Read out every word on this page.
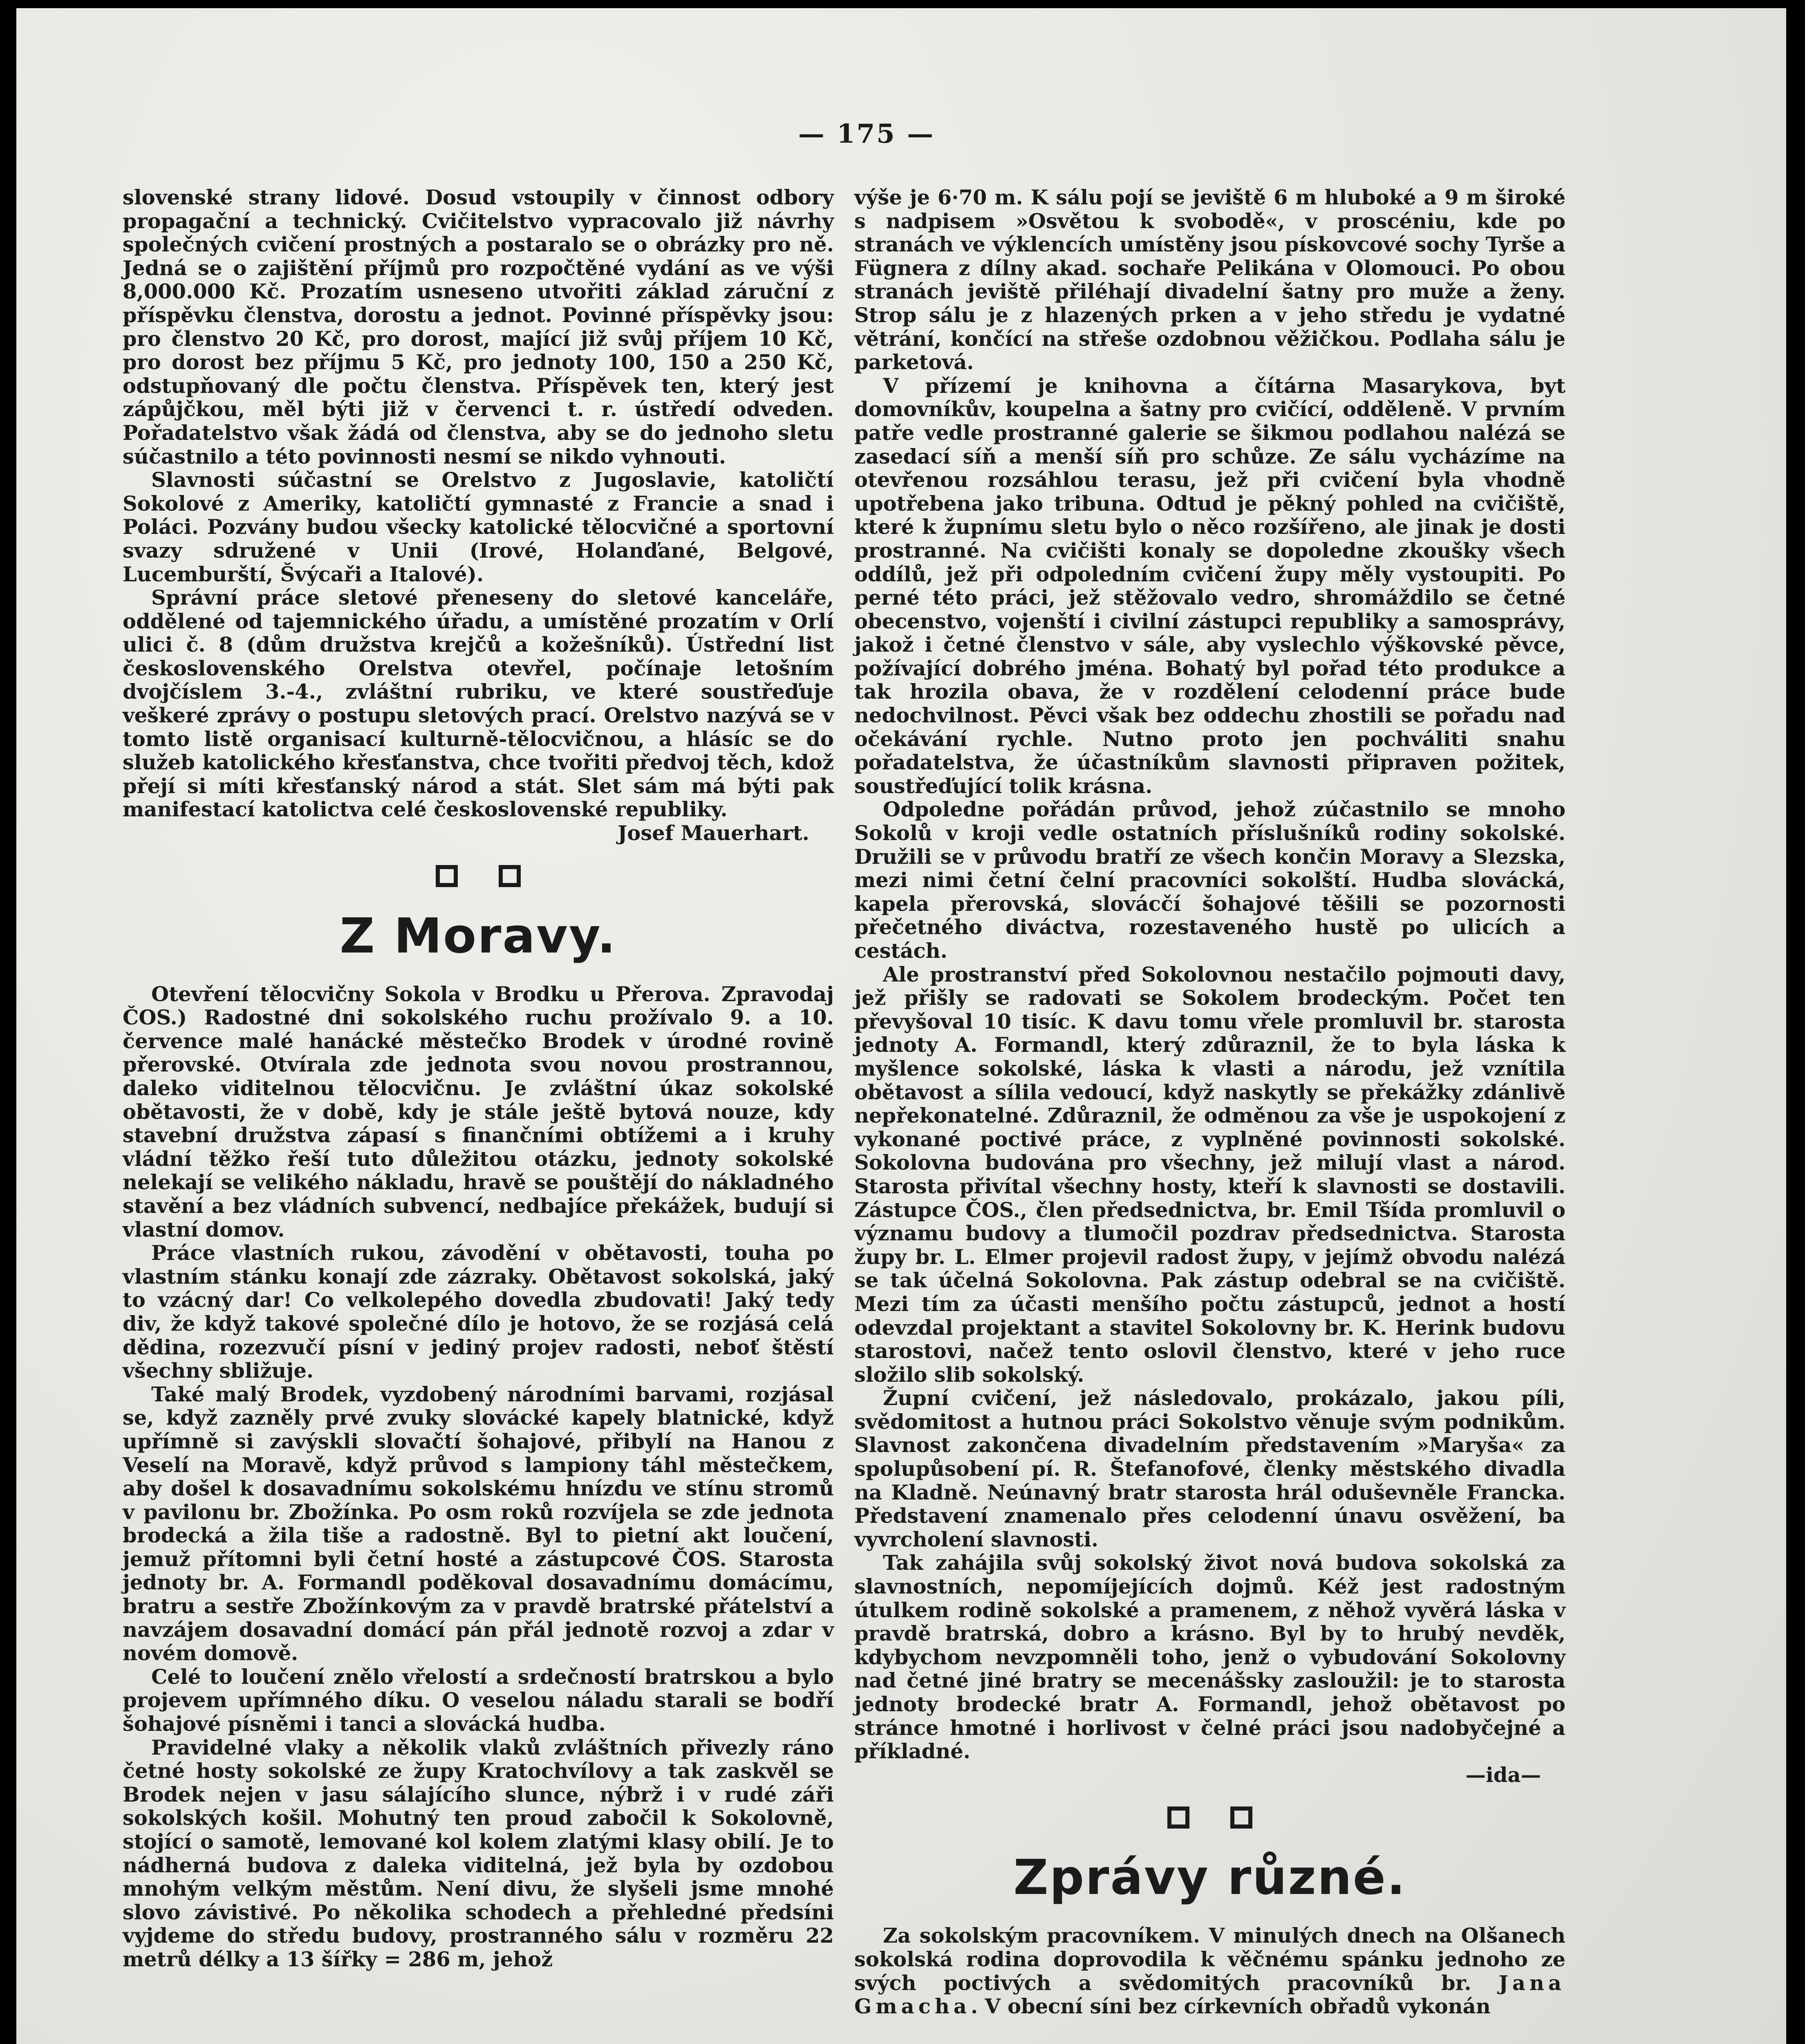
— 175 —

slovenské strany lidové. Dosud vstoupily v činnost odbory propagační a technický. Cvičitelstvo vypracovalo již návrhy společných cvičení prostných a postaralo se o obrázky pro ně. Jedná se o zajištění příjmů pro rozpočtěné vydání as ve výši 8,000.000 Kč. Prozatím usneseno utvořiti základ záruční z příspěvku členstva, dorostu a jednot. Povinné příspěvky jsou: pro členstvo 20 Kč, pro dorost, mající již svůj příjem 10 Kč, pro dorost bez příjmu 5 Kč, pro jednoty 100, 150 a 250 Kč, odstupňovaný dle počtu členstva. Příspěvek ten, který jest zápůjčkou, měl býti již v červenci t. r. ústředí odveden. Pořadatelstvo však žádá od členstva, aby se do jednoho sletu súčastnilo a této povinnosti nesmí se nikdo vyhnouti.

Slavnosti súčastní se Orelstvo z Jugoslavie, katoličtí Sokolové z Ameriky, katoličtí gymnasté z Francie a snad i Poláci. Pozvány budou všecky katolické tělocvičné a sportovní svazy sdružené v Unii (Irové, Holanďané, Belgové, Lucemburští, Švýcaři a Italové).

Správní práce sletové přeneseny do sletové kanceláře, oddělené od tajemnického úřadu, a umístěné prozatím v Orlí ulici č. 8 (dům družstva krejčů a kožešníků). Ústřední list československého Orelstva otevřel, počínaje letošním dvojčíslem 3.-4., zvláštní rubriku, ve které soustřeďuje veškeré zprávy o postupu sletových prací. Orelstvo nazývá se v tomto listě organisací kulturně-tělocvičnou, a hlásíc se do služeb katolického křesťanstva, chce tvořiti předvoj těch, kdož přejí si míti křesťanský národ a stát. Slet sám má býti pak manifestací katolictva celé československé republiky.

Josef Mauerhart.

Z Moravy.

Otevření tělocvičny Sokola v Brodku u Přerova. Zpravodaj ČOS.) Radostné dni sokolského ruchu prožívalo 9. a 10. července malé hanácké městečko Brodek v úrodné rovině přerovské. Otvírala zde jednota svou novou prostrannou, daleko viditelnou tělocvičnu. Je zvláštní úkaz sokolské obětavosti, že v době, kdy je stále ještě bytová nouze, kdy stavební družstva zápasí s finančními obtížemi a i kruhy vládní těžko řeší tuto důležitou otázku, jednoty sokolské nelekají se velikého nákladu, hravě se pouštějí do nákladného stavění a bez vládních subvencí, nedbajíce překážek, budují si vlastní domov.

Práce vlastních rukou, závodění v obětavosti, touha po vlastním stánku konají zde zázraky. Obětavost sokolská, jaký to vzácný dar! Co velkolepého dovedla zbudovati! Jaký tedy div, že když takové společné dílo je hotovo, že se rozjásá celá dědina, rozezvučí písní v jediný projev radosti, neboť štěstí všechny sbližuje.

Také malý Brodek, vyzdobený národními barvami, rozjásal se, když zazněly prvé zvuky slovácké kapely blatnické, když upřímně si zavýskli slovačtí šohajové, přibylí na Hanou z Veselí na Moravě, když průvod s lampiony táhl městečkem, aby došel k dosavadnímu sokolskému hnízdu ve stínu stromů v pavilonu br. Zbožínka. Po osm roků rozvíjela se zde jednota brodecká a žila tiše a radostně. Byl to pietní akt loučení, jemuž přítomni byli četní hosté a zástupcové ČOS. Starosta jednoty br. A. Formandl poděkoval dosavadnímu domácímu, bratru a sestře Zbožínkovým za v pravdě bratrské přátelství a navzájem dosavadní domácí pán přál jednotě rozvoj a zdar v novém domově.

Celé to loučení znělo vřelostí a srdečností bratrskou a bylo projevem upřímného díku. O veselou náladu starali se bodří šohajové písněmi i tanci a slovácká hudba.

Pravidelné vlaky a několik vlaků zvláštních přivezly ráno četné hosty sokolské ze župy Kratochvílovy a tak zaskvěl se Brodek nejen v jasu sálajícího slunce, nýbrž i v rudé záři sokolských košil. Mohutný ten proud zabočil k Sokolovně, stojící o samotě, lemované kol kolem zlatými klasy obilí. Je to nádherná budova z daleka viditelná, jež byla by ozdobou mnohým velkým městům. Není divu, že slyšeli jsme mnohé slovo závistivé. Po několika schodech a přehledné předsíni vyjdeme do středu budovy, prostranného sálu v rozměru 22 metrů délky a 13 šířky = 286 m, jehož

výše je 6·70 m. K sálu pojí se jeviště 6 m hluboké a 9 m široké s nadpisem »Osvětou k svobodě«, v proscéniu, kde po stranách ve výklencích umístěny jsou pískovcové sochy Tyrše a Fügnera z dílny akad. sochaře Pelikána v Olomouci. Po obou stranách jeviště přiléhají divadelní šatny pro muže a ženy. Strop sálu je z hlazených prken a v jeho středu je vydatné větrání, končící na střeše ozdobnou věžičkou. Podlaha sálu je parketová.

V přízemí je knihovna a čítárna Masarykova, byt domovníkův, koupelna a šatny pro cvičící, odděleně. V prvním patře vedle prostranné galerie se šikmou podlahou nalézá se zasedací síň a menší síň pro schůze. Ze sálu vycházíme na otevřenou rozsáhlou terasu, jež při cvičení byla vhodně upotřebena jako tribuna. Odtud je pěkný pohled na cvičiště, které k župnímu sletu bylo o něco rozšířeno, ale jinak je dosti prostranné. Na cvičišti konaly se dopoledne zkoušky všech oddílů, jež při odpoledním cvičení župy měly vystoupiti. Po perné této práci, jež stěžovalo vedro, shromáždilo se četné obecenstvo, vojenští i civilní zástupci republiky a samosprávy, jakož i četné členstvo v sále, aby vyslechlo výškovské pěvce, požívající dobrého jména. Bohatý byl pořad této produkce a tak hrozila obava, že v rozdělení celodenní práce bude nedochvilnost. Pěvci však bez oddechu zhostili se pořadu nad očekávání rychle. Nutno proto jen pochváliti snahu pořadatelstva, že účastníkům slavnosti připraven požitek, soustřeďující tolik krásna.

Odpoledne pořádán průvod, jehož zúčastnilo se mnoho Sokolů v kroji vedle ostatních příslušníků rodiny sokolské. Družili se v průvodu bratří ze všech končin Moravy a Slezska, mezi nimi četní čelní pracovníci sokolští. Hudba slovácká, kapela přerovská, slovácčí šohajové těšili se pozornosti přečetného diváctva, rozestaveného hustě po ulicích a cestách.

Ale prostranství před Sokolovnou nestačilo pojmouti davy, jež přišly se radovati se Sokolem brodeckým. Počet ten převyšoval 10 tisíc. K davu tomu vřele promluvil br. starosta jednoty A. Formandl, který zdůraznil, že to byla láska k myšlence sokolské, láska k vlasti a národu, jež vznítila obětavost a sílila vedoucí, když naskytly se překážky zdánlivě nepřekonatelné. Zdůraznil, že odměnou za vše je uspokojení z vykonané poctivé práce, z vyplněné povinnosti sokolské. Sokolovna budována pro všechny, jež milují vlast a národ. Starosta přivítal všechny hosty, kteří k slavnosti se dostavili. Zástupce ČOS., člen předsednictva, br. Emil Tšída promluvil o významu budovy a tlumočil pozdrav předsednictva. Starosta župy br. L. Elmer projevil radost župy, v jejímž obvodu nalézá se tak účelná Sokolovna. Pak zástup odebral se na cvičiště. Mezi tím za účasti menšího počtu zástupců, jednot a hostí odevzdal projektant a stavitel Sokolovny br. K. Herink budovu starostovi, načež tento oslovil členstvo, které v jeho ruce složilo slib sokolský.

Župní cvičení, jež následovalo, prokázalo, jakou píli, svědomitost a hutnou práci Sokolstvo věnuje svým podnikům. Slavnost zakončena divadelním představením »Maryša« za spolupůsobení pí. R. Štefanofové, členky městského divadla na Kladně. Neúnavný bratr starosta hrál oduševněle Francka. Představení znamenalo přes celodenní únavu osvěžení, ba vyvrcholení slavnosti.

Tak zahájila svůj sokolský život nová budova sokolská za slavnostních, nepomíjejících dojmů. Kéž jest radostným útulkem rodině sokolské a pramenem, z něhož vyvěrá láska v pravdě bratrská, dobro a krásno. Byl by to hrubý nevděk, kdybychom nevzpomněli toho, jenž o vybudování Sokolovny nad četné jiné bratry se mecenášsky zasloužil: je to starosta jednoty brodecké bratr A. Formandl, jehož obětavost po stránce hmotné i horlivost v čelné práci jsou nadobyčejné a příkladné.

—ida—

Zprávy různé.

Za sokolským pracovníkem. V minulých dnech na Olšanech sokolská rodina doprovodila k věčnému spánku jednoho ze svých poctivých a svědomitých pracovníků br. Jana Gmacha. V obecní síni bez církevních obřadů vykonán
